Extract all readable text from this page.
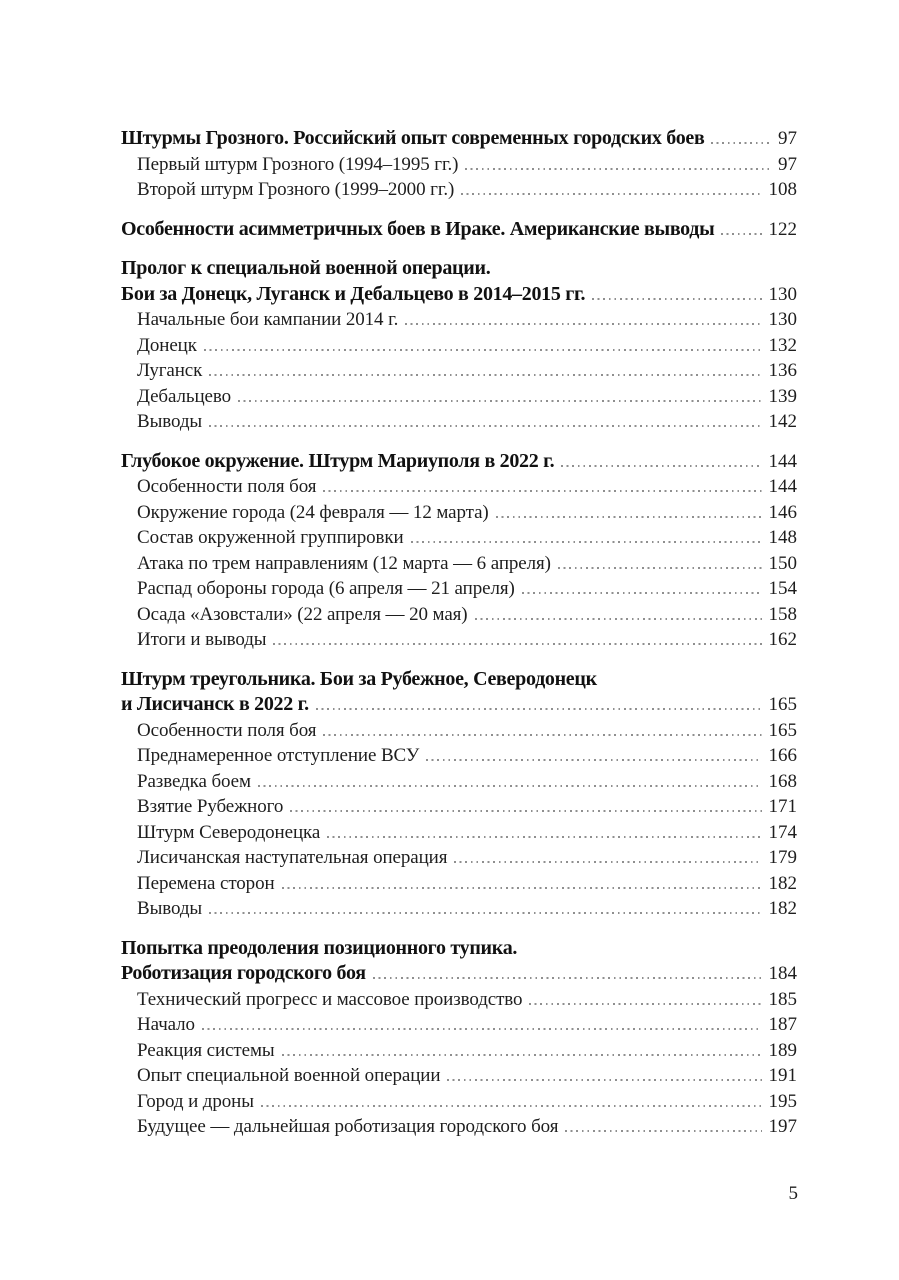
Штурмы Грозного. Российский опыт современных городских боев	97
Первый штурм Грозного (1994–1995 гг.)	97
Второй штурм Грозного (1999–2000 гг.)	108
Особенности асимметричных боев в Ираке. Американские выводы	122
Пролог к специальной военной операции.
Бои за Донецк, Луганск и Дебальцево в 2014–2015 гг.	130
Начальные бои кампании 2014 г.	130
Донецк	132
Луганск	136
Дебальцево	139
Выводы	142
Глубокое окружение. Штурм Мариуполя в 2022 г.	144
Особенности поля боя	144
Окружение города (24 февраля — 12 марта)	146
Состав окруженной группировки	148
Атака по трем направлениям (12 марта — 6 апреля)	150
Распад обороны города (6 апреля — 21 апреля)	154
Осада «Азовстали» (22 апреля — 20 мая)	158
Итоги и выводы	162
Штурм треугольника. Бои за Рубежное, Северодонецк
и Лисичанск в 2022 г.	165
Особенности поля боя	165
Преднамеренное отступление ВСУ	166
Разведка боем	168
Взятие Рубежного	171
Штурм Северодонецка	174
Лисичанская наступательная операция	179
Перемена сторон	182
Выводы	182
Попытка преодоления позиционного тупика.
Роботизация городского боя	184
Технический прогресс и массовое производство	185
Начало	187
Реакция системы	189
Опыт специальной военной операции	191
Город и дроны	195
Будущее — дальнейшая роботизация городского боя	197
5
